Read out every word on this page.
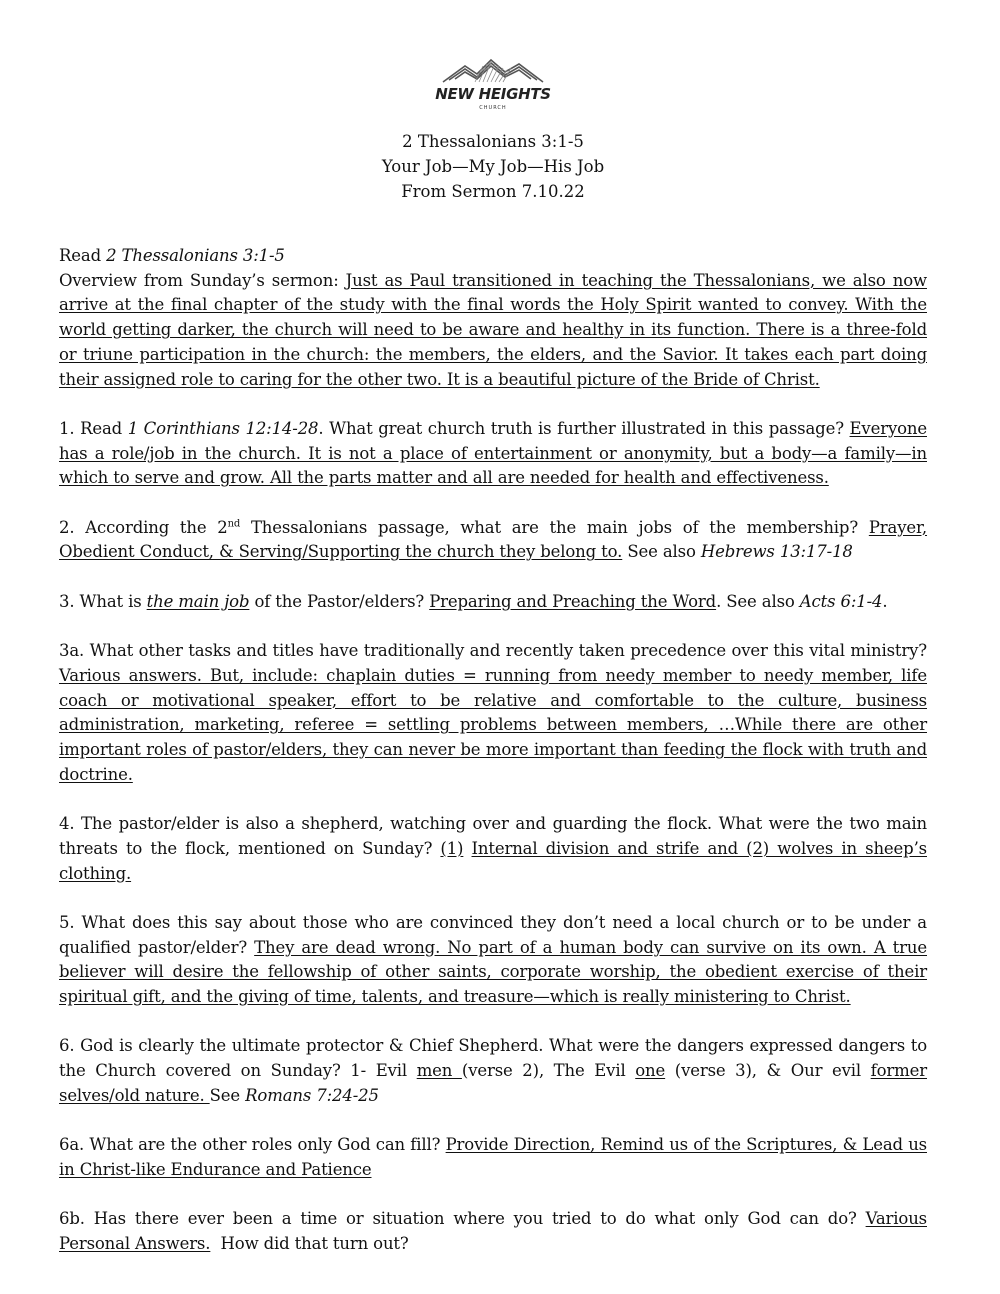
NEW HEIGHTS
CHURCH
2 Thessalonians 3:1-5
Your Job—My Job—His Job
From Sermon 7.10.22

Read 2 Thessalonians 3:1-5

Overview from Sunday’s sermon: Just as Paul transitioned in teaching the Thessalonians, we also now arrive at the final chapter of the study with the final words the Holy Spirit wanted to convey. With the world getting darker, the church will need to be aware and healthy in its function. There is a three-fold or triune participation in the church: the members, the elders, and the Savior. It takes each part doing their assigned role to caring for the other two. It is a beautiful picture of the Bride of Christ.

1. Read 1 Corinthians 12:14-28. What great church truth is further illustrated in this passage? Everyone has a role/job in the church. It is not a place of entertainment or anonymity, but a body—a family—in which to serve and grow. All the parts matter and all are needed for health and effectiveness.

2. According the 2nd Thessalonians passage, what are the main jobs of the membership? Prayer, Obedient Conduct, & Serving/Supporting the church they belong to. See also Hebrews 13:17-18

3. What is the main job of the Pastor/elders? Preparing and Preaching the Word. See also Acts 6:1-4.

3a. What other tasks and titles have traditionally and recently taken precedence over this vital ministry? Various answers. But, include: chaplain duties = running from needy member to needy member, life coach or motivational speaker, effort to be relative and comfortable to the culture, business administration, marketing, referee = settling problems between members, …While there are other important roles of pastor/elders, they can never be more important than feeding the flock with truth and doctrine.

4. The pastor/elder is also a shepherd, watching over and guarding the flock. What were the two main threats to the flock, mentioned on Sunday? (1) Internal division and strife and (2) wolves in sheep’s clothing.

5. What does this say about those who are convinced they don’t need a local church or to be under a qualified pastor/elder? They are dead wrong. No part of a human body can survive on its own. A true believer will desire the fellowship of other saints, corporate worship, the obedient exercise of their spiritual gift, and the giving of time, talents, and treasure—which is really ministering to Christ.

6. God is clearly the ultimate protector & Chief Shepherd. What were the dangers expressed dangers to the Church covered on Sunday? 1- Evil men (verse 2), The Evil one (verse 3), & Our evil former selves/old nature. See Romans 7:24-25

6a. What are the other roles only God can fill? Provide Direction, Remind us of the Scriptures, & Lead us in Christ-like Endurance and Patience

6b. Has there ever been a time or situation where you tried to do what only God can do? Various Personal Answers.  How did that turn out?
